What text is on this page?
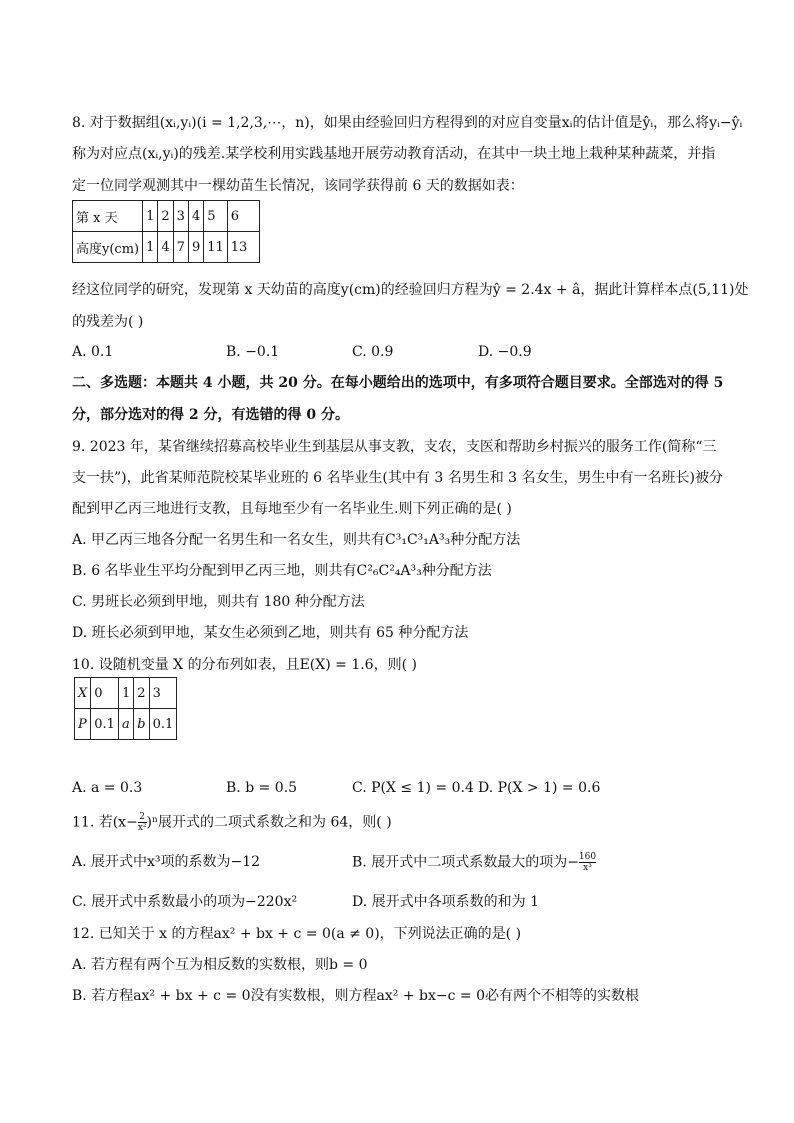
8. 对于数据组(xᵢ,yᵢ)(i = 1,2,3,⋯，n)，如果由经验回归方程得到的对应自变量xᵢ的估计值是ŷᵢ，那么将yᵢ−ŷᵢ
称为对应点(xᵢ,yᵢ)的残差.某学校利用实践基地开展劳动教育活动，在其中一块土地上栽种某种蔬菜，并指
定一位同学观测其中一棵幼苗生长情况，该同学获得前 6 天的数据如表：
第 x 天	1	2	3	4	5	6
高度y(cm)	1	4	7	9	11	13
经这位同学的研究，发现第 x 天幼苗的高度y(cm)的经验回归方程为ŷ = 2.4x + â，据此计算样本点(5,11)处
的残差为( )
A. 0.1	B. −0.1	C. 0.9	D. −0.9
二、多选题：本题共 4 小题，共 20 分。在每小题给出的选项中，有多项符合题目要求。全部选对的得 5
分，部分选对的得 2 分，有选错的得 0 分。
9. 2023 年，某省继续招募高校毕业生到基层从事支教，支农，支医和帮助乡村振兴的服务工作(简称“三
支一扶”)，此省某师范院校某毕业班的 6 名毕业生(其中有 3 名男生和 3 名女生，男生中有一名班长)被分
配到甲乙丙三地进行支教，且每地至少有一名毕业生.则下列正确的是( )
A. 甲乙丙三地各分配一名男生和一名女生，则共有C³₁C³₁A³₃种分配方法
B. 6 名毕业生平均分配到甲乙丙三地，则共有C²₆C²₄A³₃种分配方法
C. 男班长必须到甲地，则共有 180 种分配方法
D. 班长必须到甲地，某女生必须到乙地，则共有 65 种分配方法
10. 设随机变量 X 的分布列如表，且E(X) = 1.6，则( )
X	0	1	2	3
P	0.1	a	b	0.1
A. a = 0.3	B. b = 0.5	C. P(X ≤ 1) = 0.4 D. P(X > 1) = 0.6
11. 若$(x- \frac{2}{\text{x²}} )^n$展开式的二项式系数之和为 64，则( )
A. 展开式中x³项的系数为−12	B. 展开式中二项式系数最大的项为− $\frac{160}{\text{x³}}$
C. 展开式中系数最小的项为−220x²	D. 展开式中各项系数的和为 1
12. 已知关于 x 的方程ax² + bx + c = 0(a ≠ 0)，下列说法正确的是( )
A. 若方程有两个互为相反数的实数根，则b = 0
B. 若方程ax² + bx + c = 0没有实数根，则方程ax² + bx−c = 0必有两个不相等的实数根
